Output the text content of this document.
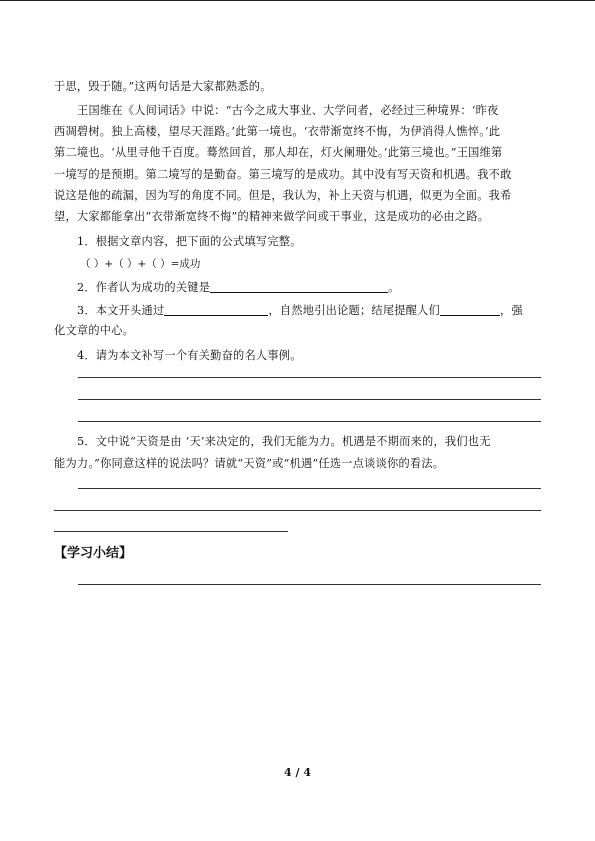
于思，毁于随。”这两句话是大家都熟悉的。
王国维在《人间词话》中说：“古今之成大事业、大学问者，必经过三种境界：‘昨夜
西凋碧树。独上高楼，望尽天涯路。’此第一境也。‘衣带渐宽终不悔，为伊消得人憔悴。’此
第二境也。‘从里寻他千百度。蓦然回首，那人却在，灯火阑珊处。’此第三境也。”王国维第
一境写的是预期。第二境写的是勤奋。第三境写的是成功。其中没有写天资和机遇。我不敢
说这是他的疏漏，因为写的角度不同。但是，我认为，补上天资与机遇，似更为全面。我希
望，大家都能拿出“衣带渐宽终不悔”的精神来做学问或干事业，这是成功的必由之路。
1．根据文章内容，把下面的公式填写完整。
（ ）+（ ）+（ ）=成功
2．作者认为成功的关键是	。
3．本文开头通过	，自然地引出论题；结尾提醒人们	，强
化文章的中心。
4．请为本文补写一个有关勤奋的名人事例。
5．文中说“天资是由 ‘天’来决定的，我们无能为力。机遇是不期而来的，我们也无
能为力。”你同意这样的说法吗？请就“天资”或“机遇”任选一点谈谈你的看法。
【学习小结】
4 / 4
